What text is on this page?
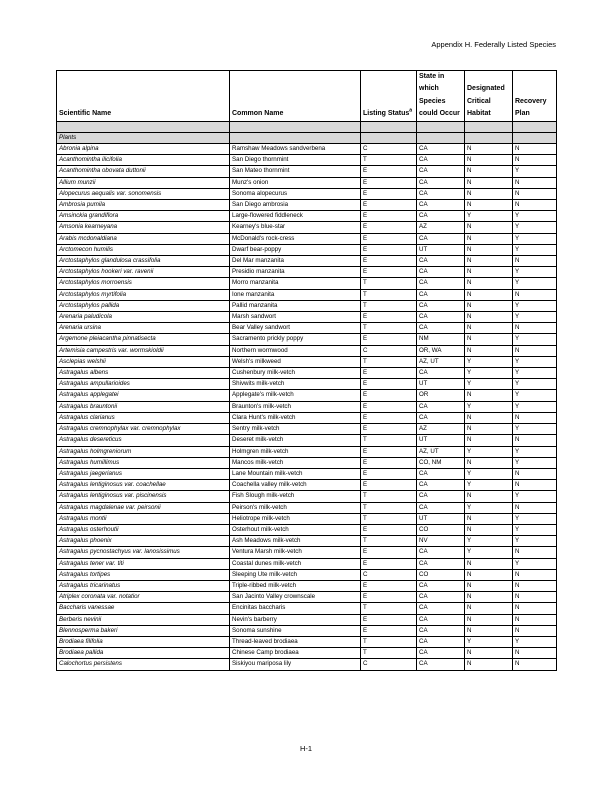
Appendix H. Federally Listed Species
Scientific Name	Common Name	Listing Status$^a$	State in which Species could Occur	Designated Critical Habitat	Recovery Plan

Plants					
Abronia alpina	Ramshaw Meadows sandverbena	C	CA	N	N
Acanthomintha ilicifolia	San Diego thornmint	T	CA	N	N
Acanthomintha obovata duttonii	San Mateo thornmint	E	CA	N	Y
Allium munzii	Munz's onion	E	CA	N	N
Alopecurus aequalis var. sonomensis	Sonoma alopecurus	E	CA	N	N
Ambrosia pumila	San Diego ambrosia	E	CA	N	N
Amsinckia grandiflora	Large-flowered fiddleneck	E	CA	Y	Y
Amsonia kearneyana	Kearney's blue-star	E	AZ	N	Y
Arabis mcdonaldiana	McDonald's rock-cress	E	CA	N	Y
Arctomecon humilis	Dwarf bear-poppy	E	UT	N	Y
Arctostaphylos glandulosa crassifolia	Del Mar manzanita	E	CA	N	N
Arctostaphylos hookeri var. ravenii	Presidio manzanita	E	CA	N	Y
Arctostaphylos morroensis	Morro manzanita	T	CA	N	Y
Arctostaphylos myrtifolia	Ione manzanita	T	CA	N	N
Arctostaphylos pallida	Pallid manzanita	T	CA	N	Y
Arenaria paludicola	Marsh sandwort	E	CA	N	Y
Arenaria ursina	Bear Valley sandwort	T	CA	N	N
Argemone pleiacantha pinnatisecta	Sacramento prickly poppy	E	NM	N	Y
Artemisia campestris var. wormskioldii	Northern wormwood	C	OR, WA	N	N
Asclepias welshii	Welsh's milkweed	T	AZ, UT	Y	Y
Astragalus albens	Cushenbury milk-vetch	E	CA	Y	Y
Astragalus ampullarioides	Shivwits milk-vetch	E	UT	Y	Y
Astragalus applegatei	Applegate's milk-vetch	E	OR	N	Y
Astragalus brauntonii	Braunton's milk-vetch	E	CA	Y	Y
Astragalus clarianus	Clara Hunt's milk-vetch	E	CA	N	N
Astragalus cremnophylax var. cremnophylax	Sentry milk-vetch	E	AZ	N	Y
Astragalus desereticus	Deseret milk-vetch	T	UT	N	N
Astragalus holmgreniorum	Holmgren milk-vetch	E	AZ, UT	Y	Y
Astragalus humillimus	Mancos milk-vetch	E	CO, NM	N	Y
Astragalus jaegerianus	Lane Mountain milk-vetch	E	CA	Y	N
Astragalus lentiginosus var. coachellae	Coachella valley milk-vetch	E	CA	Y	N
Astragalus lentiginosus var. piscinensis	Fish Slough milk-vetch	T	CA	N	Y
Astragalus magdalenae var. peirsonii	Peirson's milk-vetch	T	CA	Y	N
Astragalus montii	Heliotrope milk-vetch	T	UT	N	Y
Astragalus osterhoutii	Osterhout milk-vetch	E	CO	N	Y
Astragalus phoenix	Ash Meadows milk-vetch	T	NV	Y	Y
Astragalus pycnostachyus var. lanosissimus	Ventura Marsh milk-vetch	E	CA	Y	N
Astragalus tener var. titi	Coastal dunes milk-vetch	E	CA	N	Y
Astragalus tortipes	Sleeping Ute milk-vetch	C	CO	N	N
Astragalus tricarinatus	Triple-ribbed milk-vetch	E	CA	N	N
Atriplex coronata var. notatior	San Jacinto Valley crownscale	E	CA	N	N
Baccharis vanessae	Encinitas baccharis	T	CA	N	N
Berberis nevinii	Nevin's barberry	E	CA	N	N
Blennosperma bakeri	Sonoma sunshine	E	CA	N	N
Brodiaea filifolia	Thread-leaved brodiaea	T	CA	Y	Y
Brodiaea pallida	Chinese Camp brodiaea	T	CA	N	N
Calochortus persistens	Siskiyou mariposa lily	C	CA	N	N
H-1
